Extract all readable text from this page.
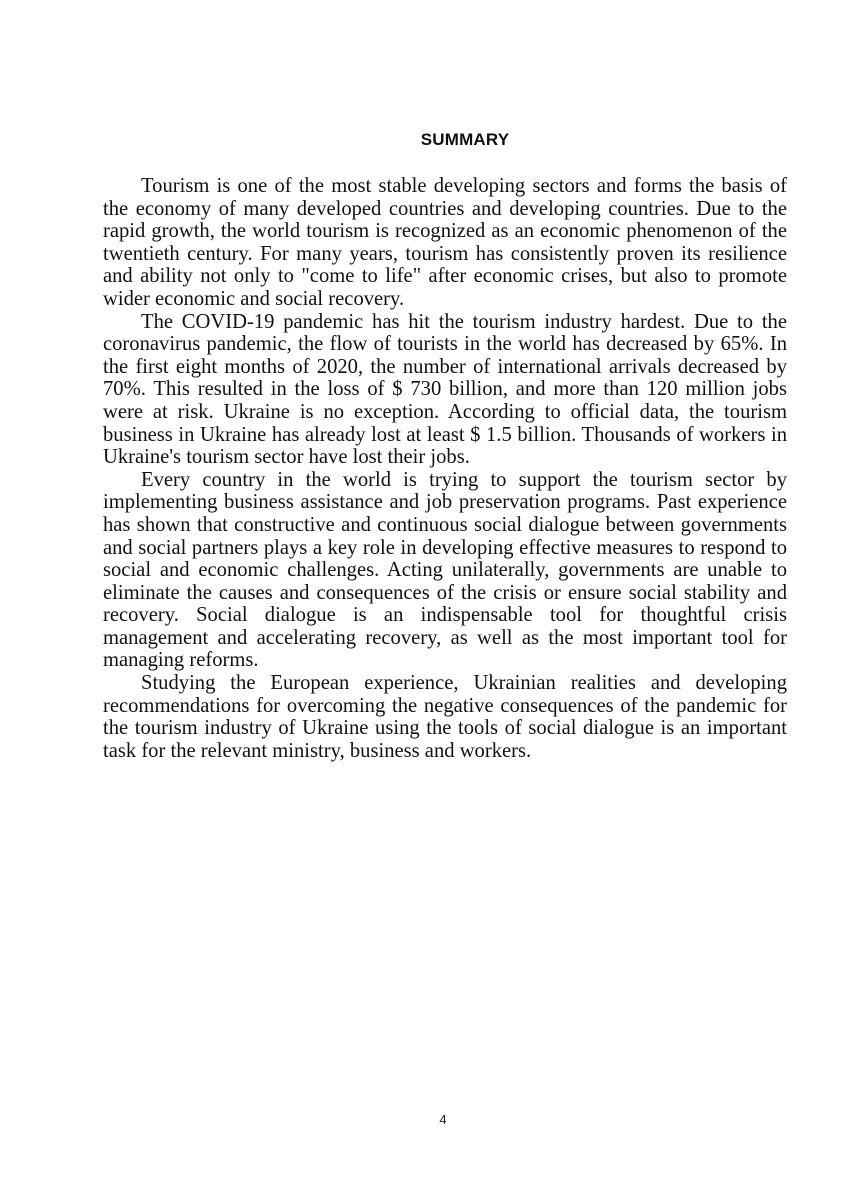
SUMMARY

Tourism is one of the most stable developing sectors and forms the basis of the economy of many developed countries and developing countries. Due to the rapid growth, the world tourism is recognized as an economic phenomenon of the twentieth century. For many years, tourism has consistently proven its resilience and ability not only to "come to life" after economic crises, but also to promote wider economic and social recovery.

The COVID-19 pandemic has hit the tourism industry hardest. Due to the coronavirus pandemic, the flow of tourists in the world has decreased by 65%. In the first eight months of 2020, the number of international arrivals decreased by 70%. This resulted in the loss of $ 730 billion, and more than 120 million jobs were at risk. Ukraine is no exception. According to official data, the tourism business in Ukraine has already lost at least $ 1.5 billion. Thousands of workers in Ukraine's tourism sector have lost their jobs.

Every country in the world is trying to support the tourism sector by implementing business assistance and job preservation programs. Past experience has shown that constructive and continuous social dialogue between governments and social partners plays a key role in developing effective measures to respond to social and economic challenges. Acting unilaterally, governments are unable to eliminate the causes and consequences of the crisis or ensure social stability and recovery. Social dialogue is an indispensable tool for thoughtful crisis management and accelerating recovery, as well as the most important tool for managing reforms.

Studying the European experience, Ukrainian realities and developing recommendations for overcoming the negative consequences of the pandemic for the tourism industry of Ukraine using the tools of social dialogue is an important task for the relevant ministry, business and workers.

4
